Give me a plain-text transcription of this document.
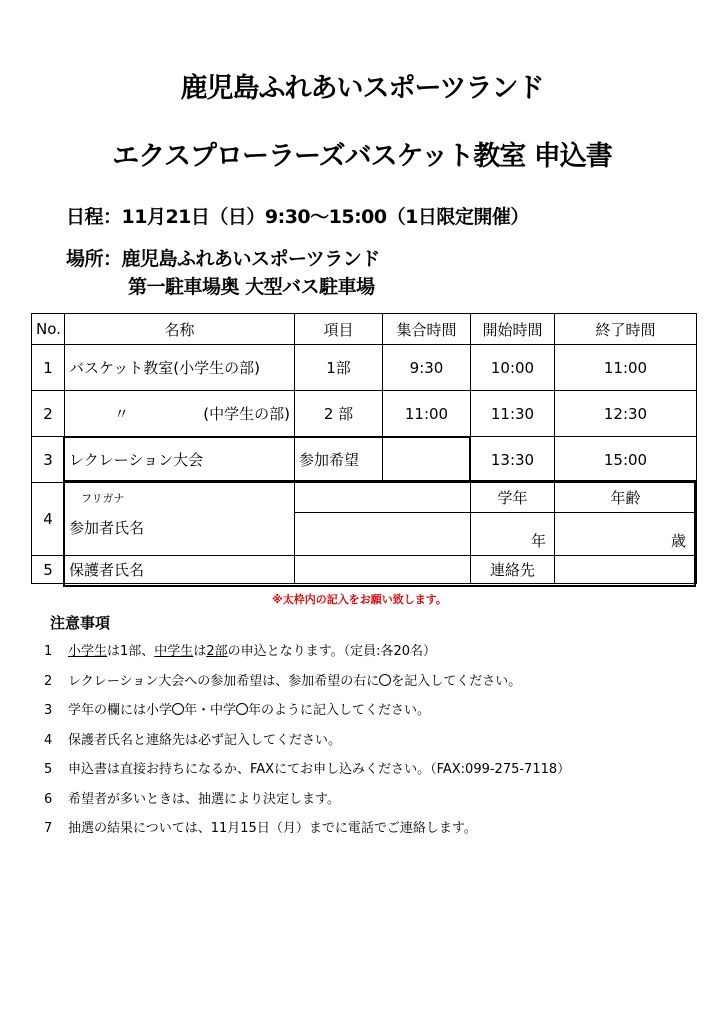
鹿児島ふれあいスポーツランド
エクスプローラーズバスケット教室 申込書
日程：11月21日（日）9:30〜15:00（1日限定開催）
場所：鹿児島ふれあいスポーツランド
第一駐車場奥 大型バス駐車場
No.	名称	項目	集合時間	開始時間	終了時間
1	バスケット教室(小学生の部)	1部	9:30	10:00	11:00
2	〃 (中学生の部)	2 部	11:00	11:30	12:30
3	レクレーション大会	参加希望		13:30	15:00
4	フリガナ			学年	年齢
	参加者氏名			年	歳
5	保護者氏名			連絡先	
※太枠内の記入をお願い致します。
注意事項
1 小学生は1部、中学生は2部の申込となります。（定員:各20名）
2 レクレーション大会への参加希望は、参加希望の右に を記入してください。
3 学年の欄には小学 年・中学 年のように記入してください。
4 保護者氏名と連絡先は必ず記入してください。
5 申込書は直接お持ちになるか、FAXにてお申し込みください。（FAX:099-275-7118）
6 希望者が多いときは、抽選により決定します。
7 抽選の結果については、11月15日（月）までに電話でご連絡します。
